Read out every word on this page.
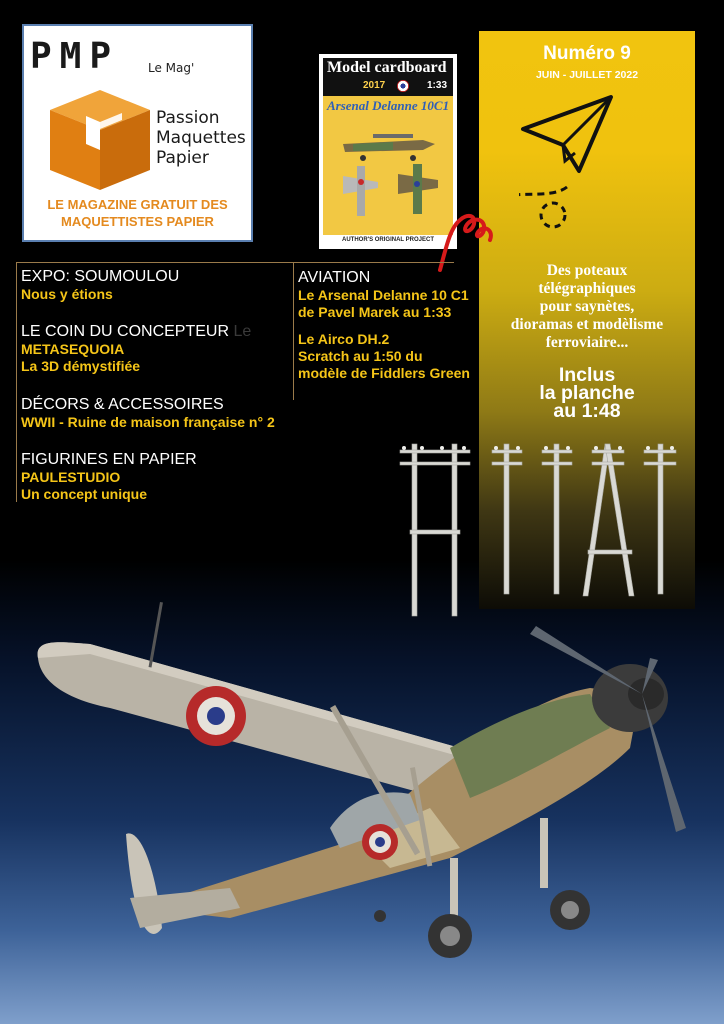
PMP Le Mag'
Passion
Maquettes
Papier
LE MAGAZINE GRATUIT DES
MAQUETTISTES PAPIER
Model cardboard
2017	1:33
Arsenal Delanne 10C1
AUTHOR'S ORIGINAL PROJECT
Numéro 9
JUIN - JUILLET 2022
Des poteaux
télégraphiques
pour saynètes,
dioramas et modèlisme
ferroviaire...
Inclus
la planche
au 1:48
EXPO: SOUMOULOU
Nous y étions
LE COIN DU CONCEPTEUR Le
METASEQUOIA
La 3D démystifiée
DÉCORS & ACCESSOIRES
WWII - Ruine de maison française n° 2
FIGURINES EN PAPIER
PAULESTUDIO
Un concept unique
AVIATION
Le Arsenal Delanne 10 C1
de Pavel Marek au 1:33
Le Airco DH.2
Scratch au 1:50 du
modèle de Fiddlers Green
